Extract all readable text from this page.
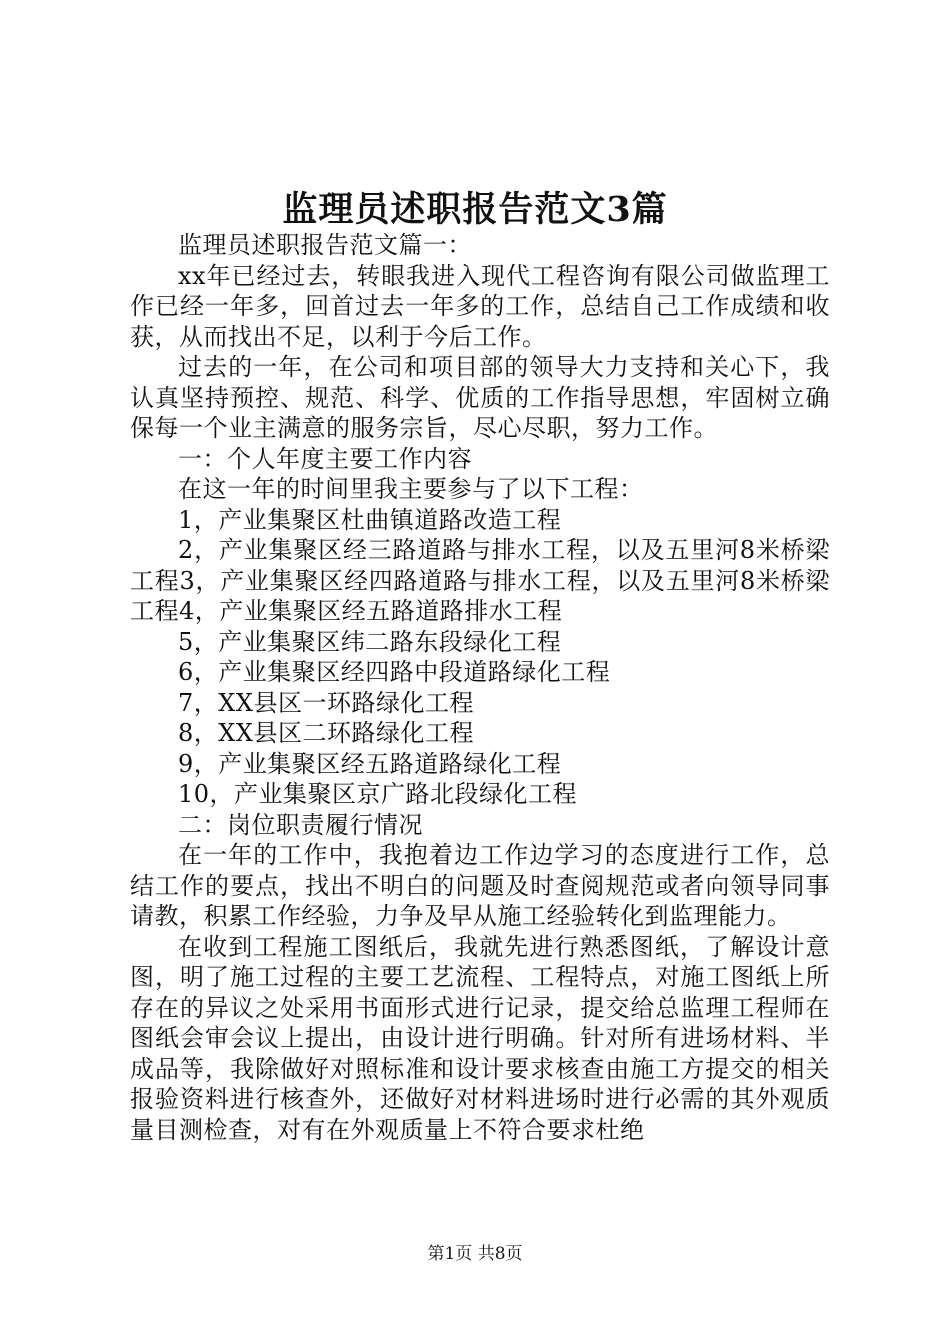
监理员述职报告范文3篇

监理员述职报告范文篇一：

xx年已经过去，转眼我进入现代工程咨询有限公司做监理工作已经一年多，回首过去一年多的工作，总结自己工作成绩和收获，从而找出不足，以利于今后工作。

过去的一年，在公司和项目部的领导大力支持和关心下，我认真坚持预控、规范、科学、优质的工作指导思想，牢固树立确保每一个业主满意的服务宗旨，尽心尽职，努力工作。

一：个人年度主要工作内容

在这一年的时间里我主要参与了以下工程：

1，产业集聚区杜曲镇道路改造工程

2，产业集聚区经三路道路与排水工程，以及五里河8米桥梁工程3，产业集聚区经四路道路与排水工程，以及五里河8米桥梁工程4，产业集聚区经五路道路排水工程

5，产业集聚区纬二路东段绿化工程

6，产业集聚区经四路中段道路绿化工程

7，XX县区一环路绿化工程

8，XX县区二环路绿化工程

9，产业集聚区经五路道路绿化工程

10，产业集聚区京广路北段绿化工程

二：岗位职责履行情况

在一年的工作中，我抱着边工作边学习的态度进行工作，总结工作的要点，找出不明白的问题及时查阅规范或者向领导同事请教，积累工作经验，力争及早从施工经验转化到监理能力。

在收到工程施工图纸后，我就先进行熟悉图纸，了解设计意图，明了施工过程的主要工艺流程、工程特点，对施工图纸上所存在的异议之处采用书面形式进行记录，提交给总监理工程师在图纸会审会议上提出，由设计进行明确。针对所有进场材料、半成品等，我除做好对照标准和设计要求核查由施工方提交的相关报验资料进行核查外，还做好对材料进场时进行必需的其外观质量目测检查，对有在外观质量上不符合要求杜绝

第1页 共8页
